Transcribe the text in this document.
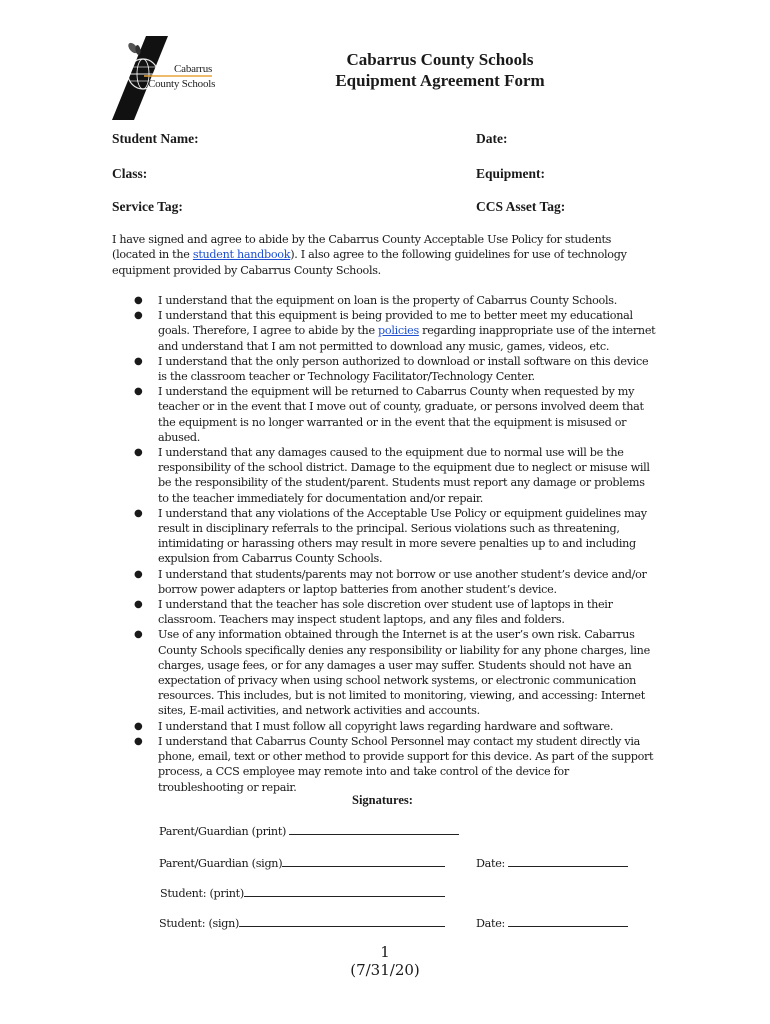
Cabarrus
County Schools
Cabarrus County Schools
Equipment Agreement Form
Student Name:	Date:
Class:	Equipment:
Service Tag:	CCS Asset Tag:
I have signed and agree to abide by the Cabarrus County Acceptable Use Policy for students (located in the student handbook). I also agree to the following guidelines for use of technology equipment provided by Cabarrus County Schools.
● I understand that the equipment on loan is the property of Cabarrus County Schools.
● I understand that this equipment is being provided to me to better meet my educational goals. Therefore, I agree to abide by the policies regarding inappropriate use of the internet and understand that I am not permitted to download any music, games, videos, etc.
● I understand that the only person authorized to download or install software on this device is the classroom teacher or Technology Facilitator/Technology Center.
● I understand the equipment will be returned to Cabarrus County when requested by my teacher or in the event that I move out of county, graduate, or persons involved deem that the equipment is no longer warranted or in the event that the equipment is misused or abused.
● I understand that any damages caused to the equipment due to normal use will be the responsibility of the school district. Damage to the equipment due to neglect or misuse will be the responsibility of the student/parent. Students must report any damage or problems to the teacher immediately for documentation and/or repair.
● I understand that any violations of the Acceptable Use Policy or equipment guidelines may result in disciplinary referrals to the principal. Serious violations such as threatening, intimidating or harassing others may result in more severe penalties up to and including expulsion from Cabarrus County Schools.
● I understand that students/parents may not borrow or use another student’s device and/or borrow power adapters or laptop batteries from another student’s device.
● I understand that the teacher has sole discretion over student use of laptops in their classroom. Teachers may inspect student laptops, and any files and folders.
● Use of any information obtained through the Internet is at the user’s own risk. Cabarrus County Schools specifically denies any responsibility or liability for any phone charges, line charges, usage fees, or for any damages a user may suffer. Students should not have an expectation of privacy when using school network systems, or electronic communication resources. This includes, but is not limited to monitoring, viewing, and accessing: Internet sites, E-mail activities, and network activities and accounts.
● I understand that I must follow all copyright laws regarding hardware and software.
● I understand that Cabarrus County School Personnel may contact my student directly via phone, email, text or other method to provide support for this device. As part of the support process, a CCS employee may remote into and take control of the device for troubleshooting or repair.
Signatures:
Parent/Guardian (print)
Parent/Guardian (sign)	Date:
Student: (print)
Student: (sign)	Date:
1
(7/31/20)
